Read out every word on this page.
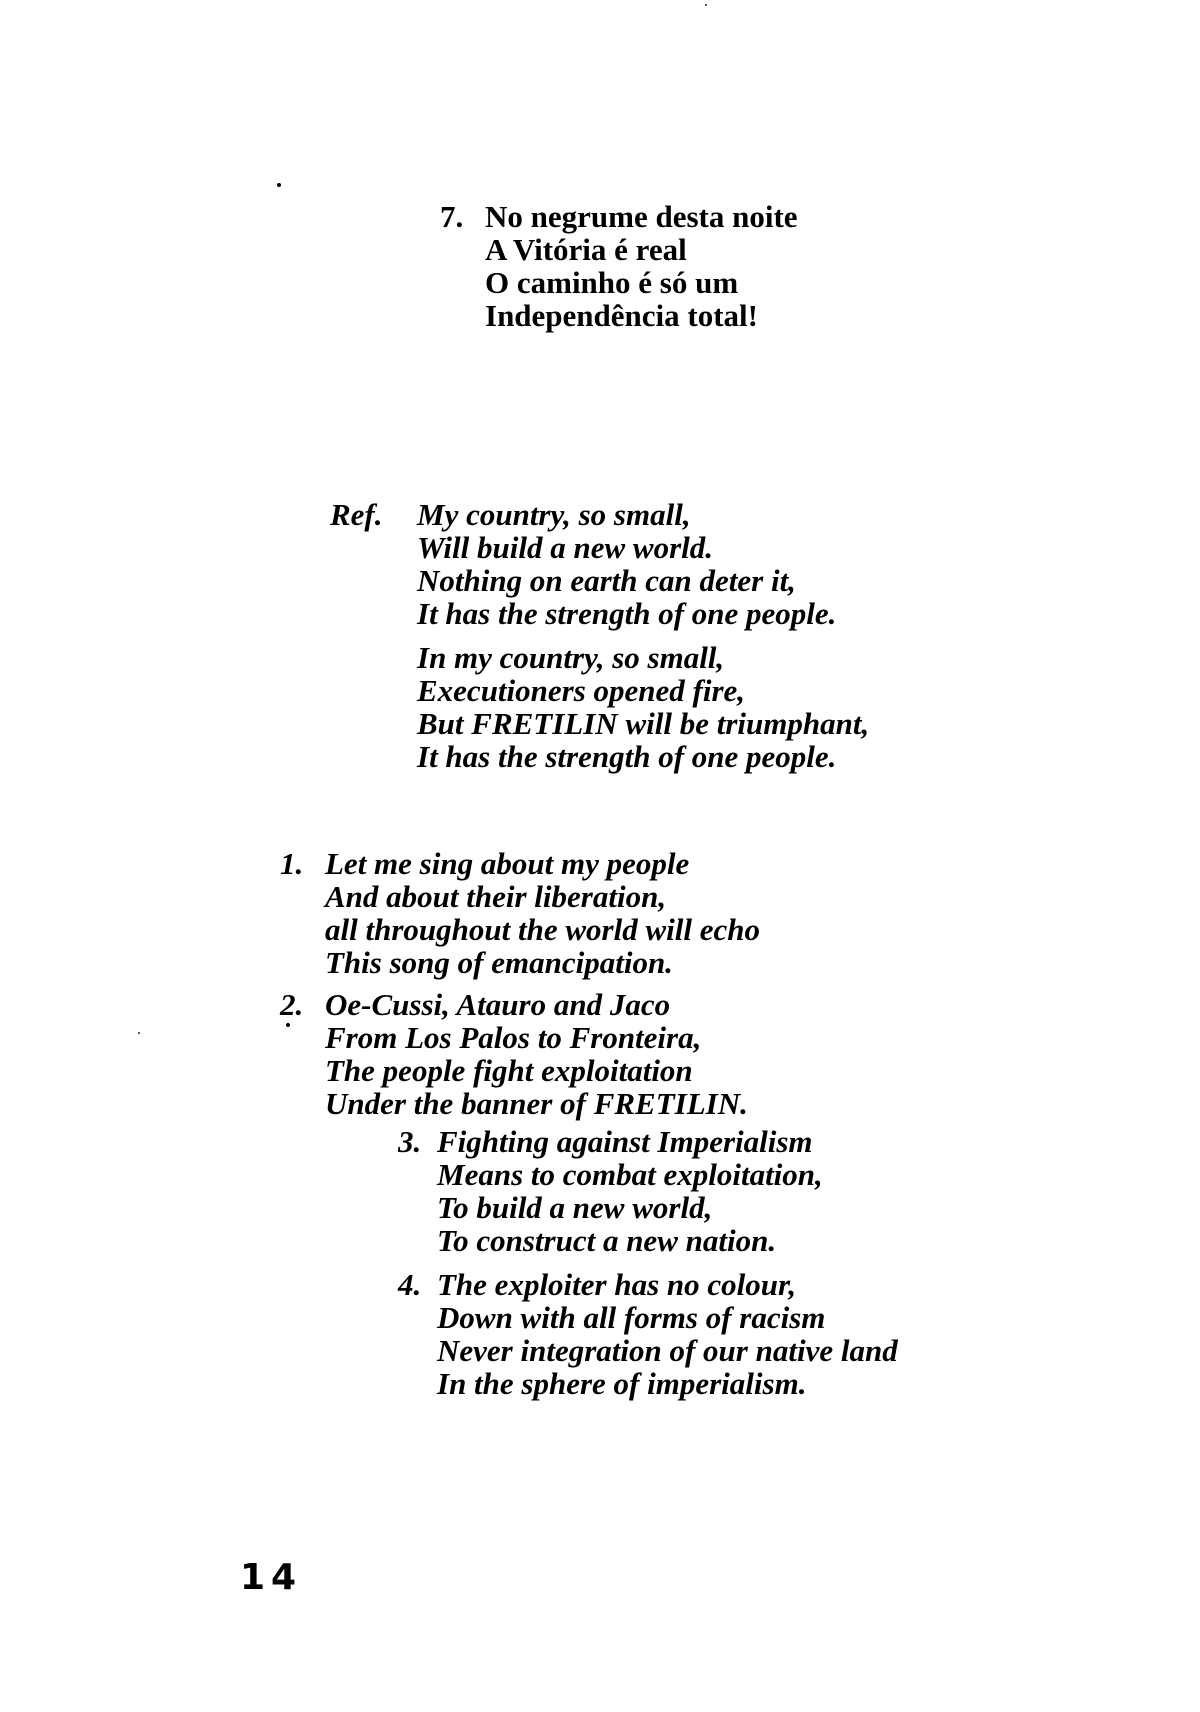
7. No negrume desta noite
A Vitória é real
O caminho é só um
Independência total!
Ref. My country, so small,
Will build a new world.
Nothing on earth can deter it,
It has the strength of one people.
In my country, so small,
Executioners opened fire,
But FRETILIN will be triumphant,
It has the strength of one people.
1. Let me sing about my people
And about their liberation,
all throughout the world will echo
This song of emancipation.
2. Oe-Cussi, Atauro and Jaco
From Los Palos to Fronteira,
The people fight exploitation
Under the banner of FRETILIN.
3. Fighting against Imperialism
Means to combat exploitation,
To build a new world,
To construct a new nation.
4. The exploiter has no colour,
Down with all forms of racism
Never integration of our native land
In the sphere of imperialism.
14
